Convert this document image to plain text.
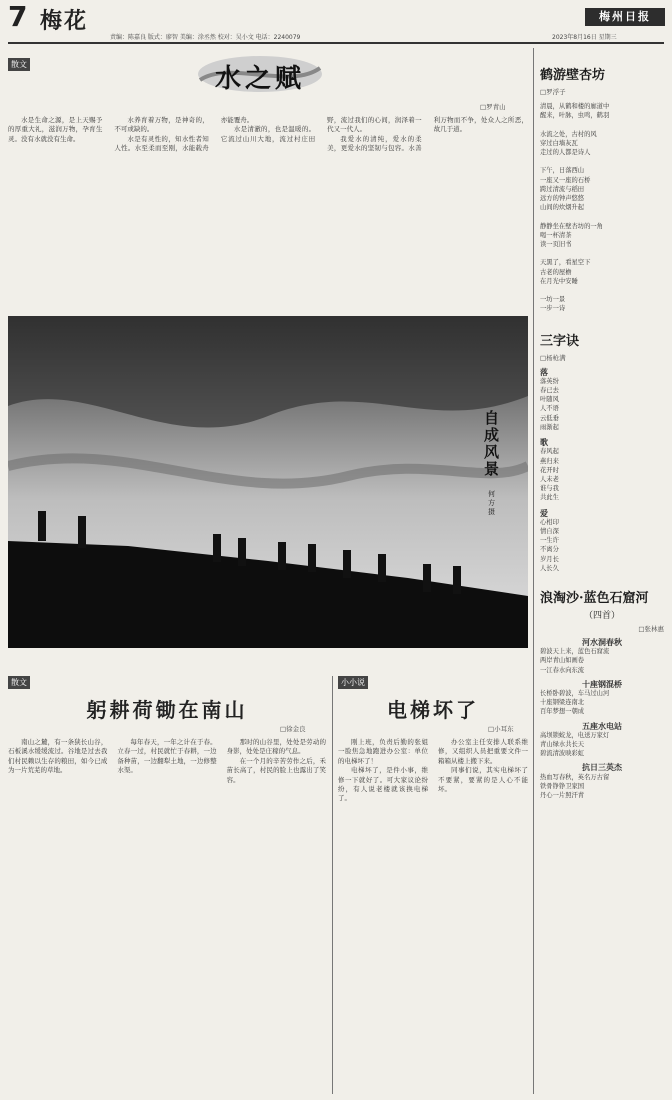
7 梅花
责编：陈嘉良 版式：廖智 美编：涂丞然 校对：吴小文 电话：2240079
梅州日报
2023年8月16日 星期三
散文	水之赋
□罗青山

水是生命之源，是上天赐予的厚重大礼，滋润万物，孕育生灵。没有水就没有生命。

水养育着万物，是神奇的，不可或缺的。

水是有灵性的，知水性者知人性。水至柔而至刚，水能载舟亦能覆舟。

水是清澈的，也是温暖的。它流过山川大地，流过村庄田野，流过我们的心间，润泽着一代又一代人。

我爱水的清纯，爱水的柔美，更爱水的坚韧与包容。水善利万物而不争，处众人之所恶，故几于道。

自成风景
何方摄
散文
躬耕荷锄在南山
□徐金良

南山之麓，有一条狭长山谷，石板溪水缓缓流过。谷地是过去我们村民赖以生存的粮田，如今已成为一片荒芜的草地。

每年春天，一年之计在于春。立春一过，村民就忙于春耕，一边备种苗，一边翻犁土地，一边修整水渠。

那时的山谷里，处处是劳动的身影，处处是庄稼的气息。

在一个月的辛苦劳作之后，禾苗长高了，村民的脸上也露出了笑容。

小小说
电梯坏了
□小耳东

刚上班，负责后勤的张姐一脸焦急地跑进办公室：单位的电梯坏了！

电梯坏了，是件小事，维修一下就好了。可大家议论纷纷，有人说老楼就该换电梯了。

办公室主任安排人联系维修，又组织人员把重要文件一箱箱从楼上搬下来。

同事们说，其实电梯坏了不要紧，要紧的是人心不能坏。

鹤游壁杏坊
□罗浮子
清晨，从鹤和楼的廊道中
醒来，叶脉，虫鸣，鹤羽

水流之处，古村的风
穿过白墙灰瓦
走过的人都是诗人

下午，日落西山
一座又一座的石桥
跨过清流与稻田
远方的钟声悠悠
山间的炊烟升起

静静坐在壁杏坊的一角
喝一杯清茶
读一页旧书

天黑了，看星空下
古老的屋檐
在月光中安睡

一坊一景
一步一诗
三字诀
□杨枪满
落
落英纷
春已去
叶随风
人不语
云低垂
雨渐起
歌
春风起
燕归来
花开时
人未老
谁与我
共此生
爱
心相印
情自深
一生许
不离分
岁月长
人长久
浪淘沙·蓝色石窟河
（四首）
□张林惠
河水洞春秋
碧波天上来，蓝色石窟流
两岸青山如画卷
一江春水向东流
十座钢混桥
长桥卧碧波，车马过山河
十座钢梁连南北
百年梦想一朝成
五座水电站
高坝锁蛟龙，电送万家灯
青山绿水共长天
碧流清波映彩虹
抗日三英杰
热血写春秋，英名万古留
铁骨铮铮卫家国
丹心一片照汗青
